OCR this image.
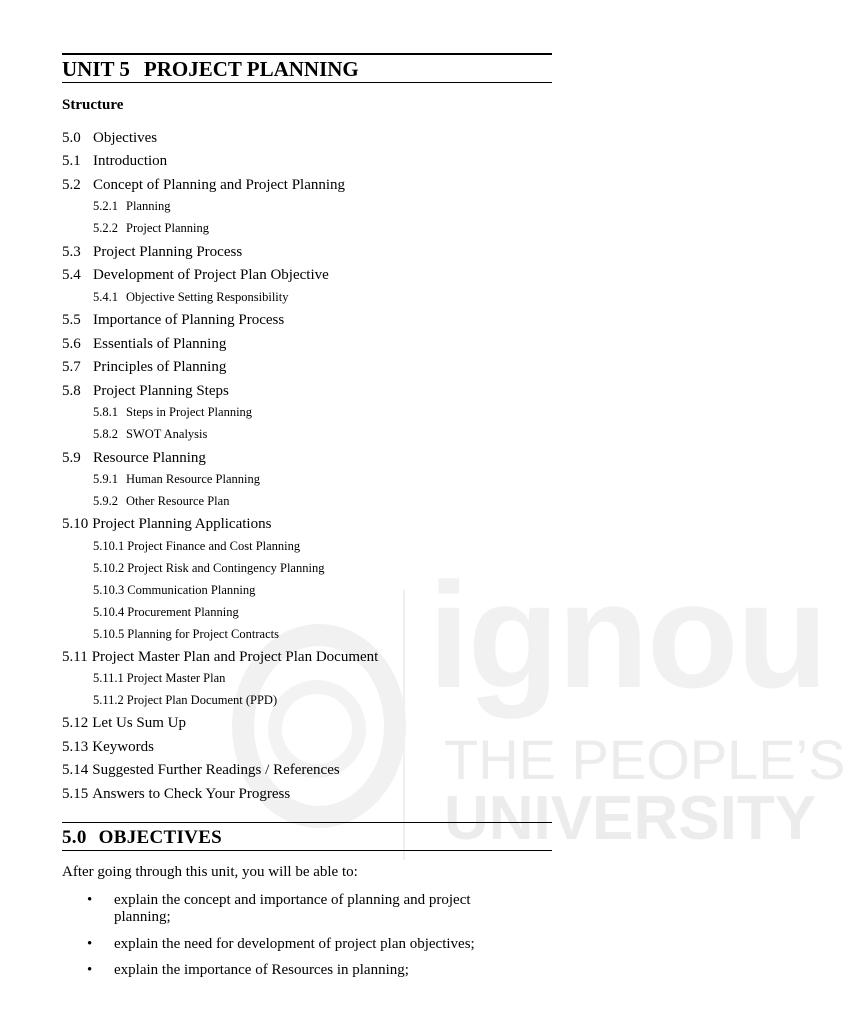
ignou
THE PEOPLE’S
UNIVERSITY
UNIT 5 PROJECT PLANNING
Structure
5.0 Objectives
5.1 Introduction
5.2 Concept of Planning and Project Planning
5.2.1 Planning
5.2.2 Project Planning
5.3 Project Planning Process
5.4 Development of Project Plan Objective
5.4.1 Objective Setting Responsibility
5.5 Importance of Planning Process
5.6 Essentials of Planning
5.7 Principles of Planning
5.8 Project Planning Steps
5.8.1 Steps in Project Planning
5.8.2 SWOT Analysis
5.9 Resource Planning
5.9.1 Human Resource Planning
5.9.2 Other Resource Plan
5.10 Project Planning Applications
5.10.1 Project Finance and Cost Planning
5.10.2 Project Risk and Contingency Planning
5.10.3 Communication Planning
5.10.4 Procurement Planning
5.10.5 Planning for Project Contracts
5.11 Project Master Plan and Project Plan Document
5.11.1 Project Master Plan
5.11.2 Project Plan Document (PPD)
5.12 Let Us Sum Up
5.13 Keywords
5.14 Suggested Further Readings / References
5.15 Answers to Check Your Progress
5.0 OBJECTIVES
After going through this unit, you will be able to:
• explain the concept and importance of planning and project planning;
• explain the need for development of project plan objectives;
• explain the importance of Resources in planning;
